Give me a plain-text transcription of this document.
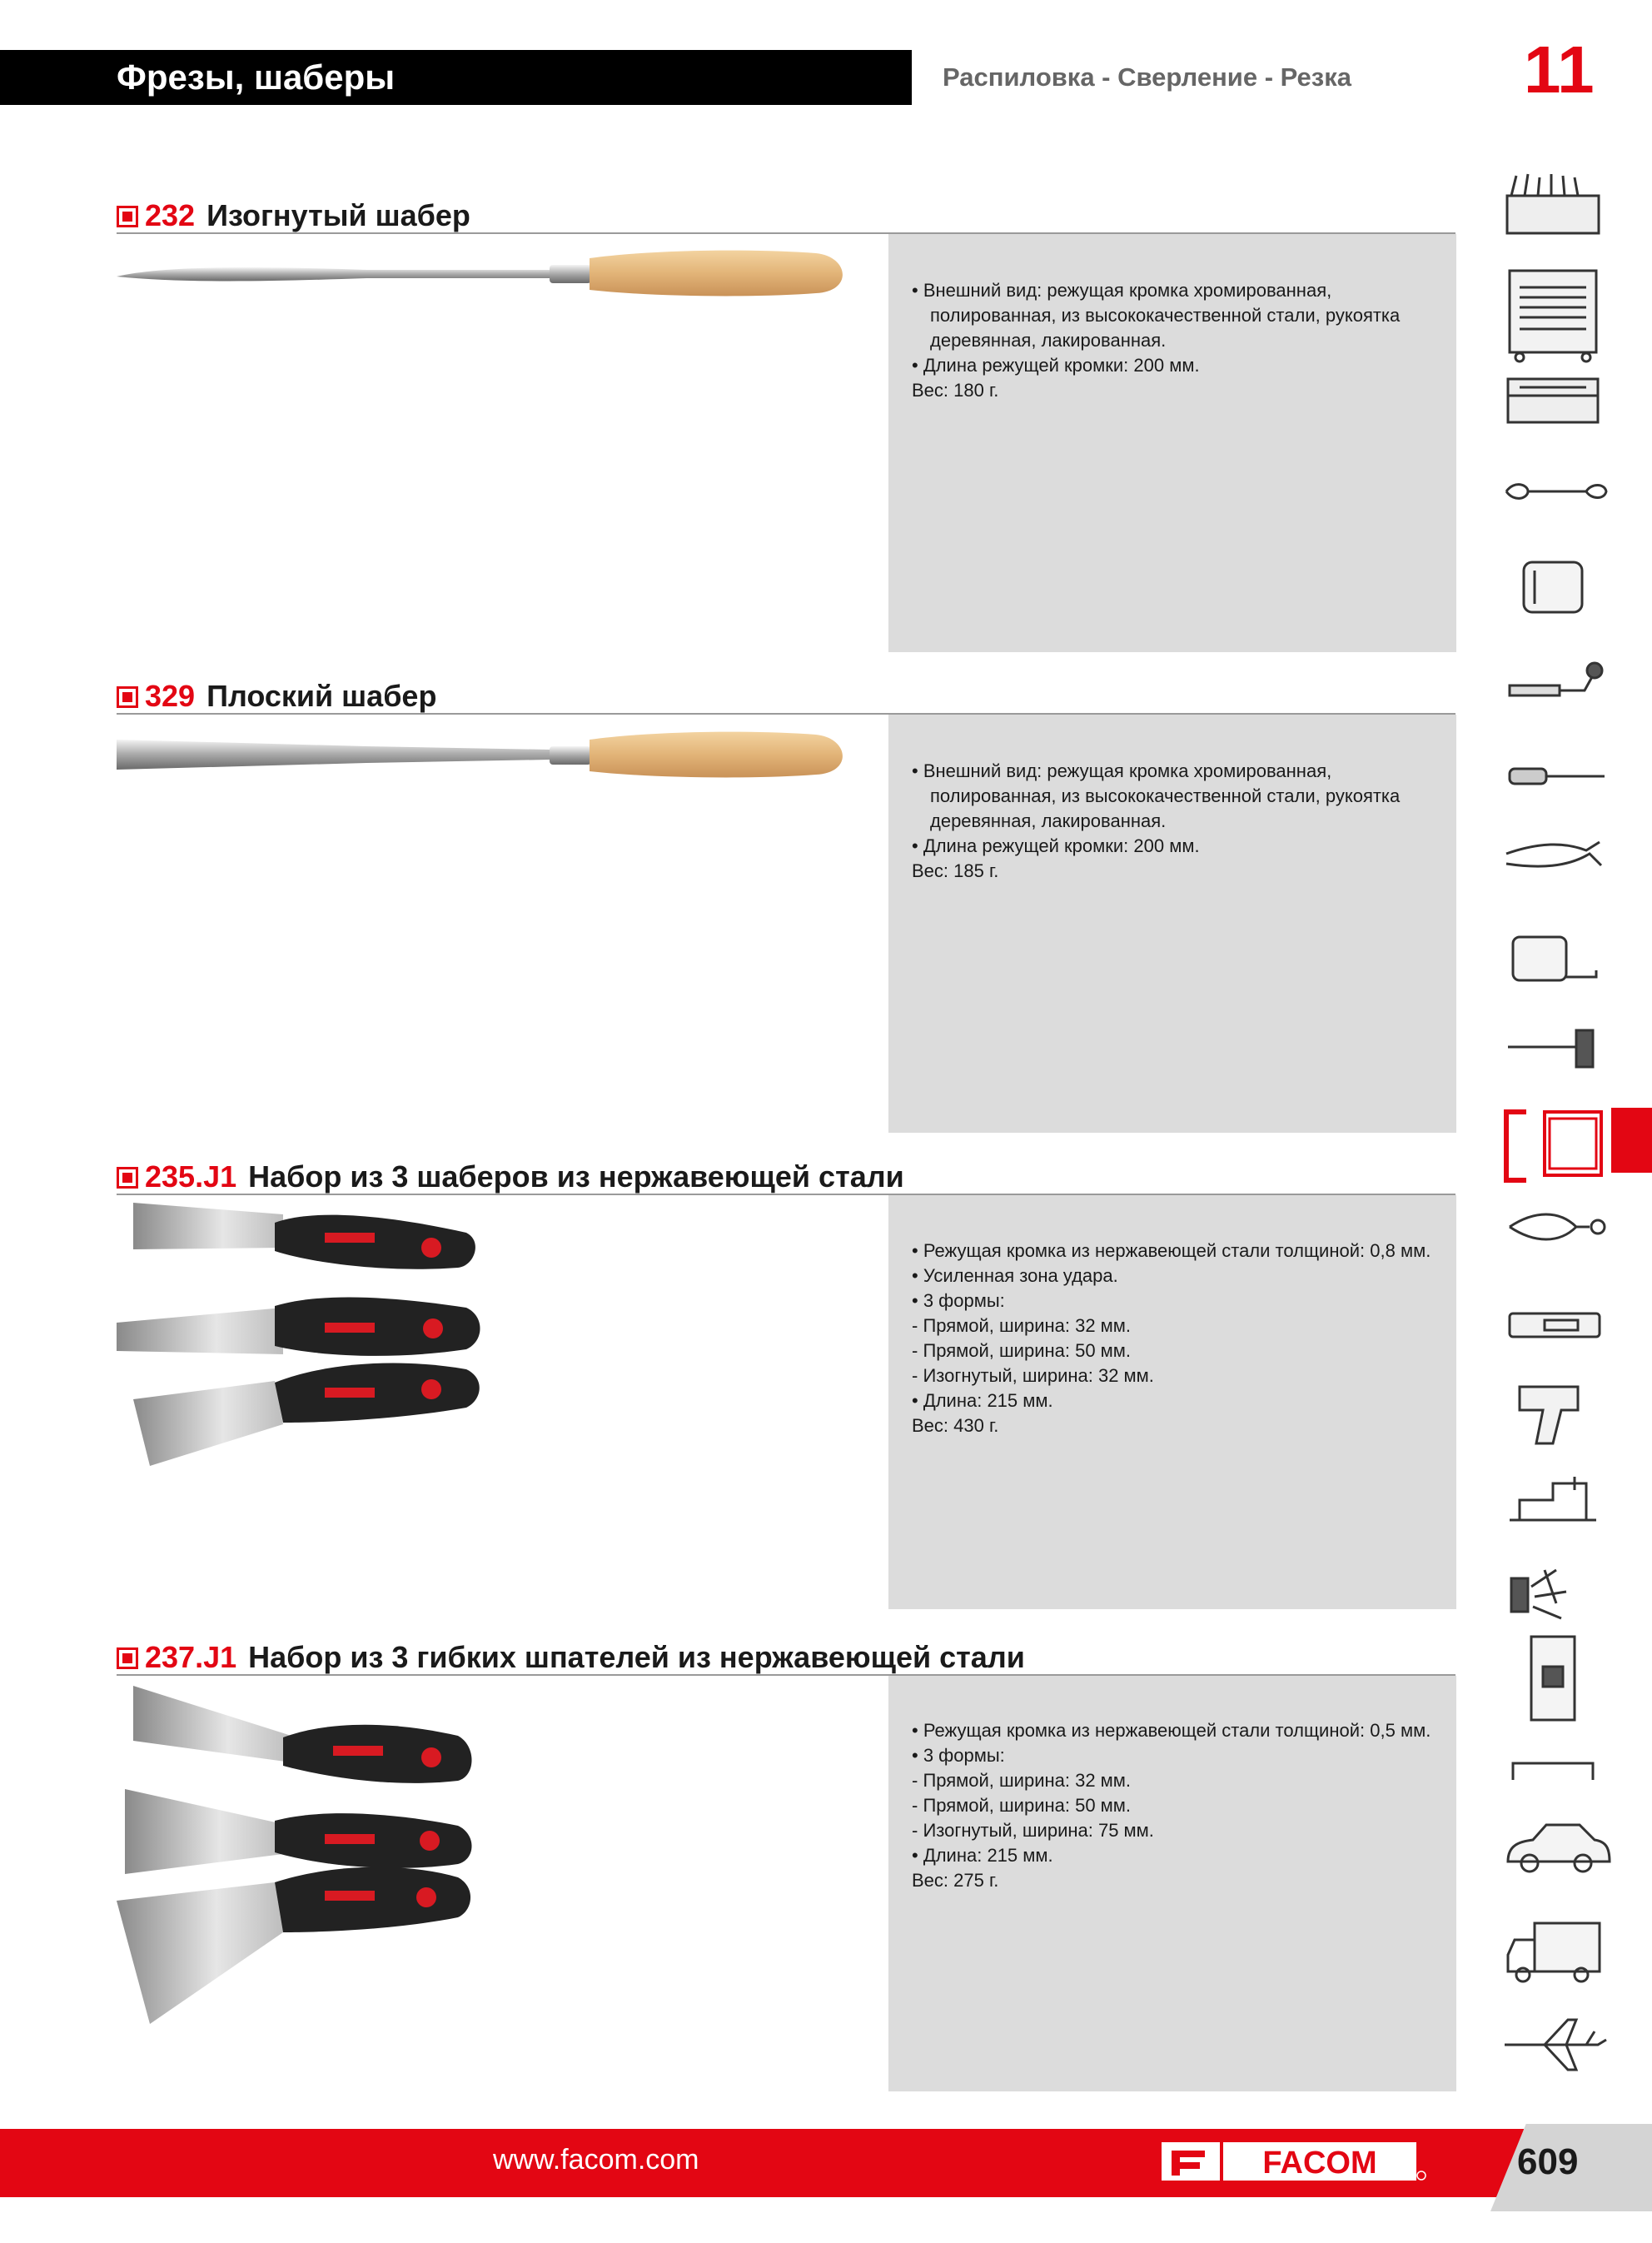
Фрезы, шаберы	Распиловка - Сверление - Резка	11
232 Изогнутый шабер
• Внешний вид: режущая кромка хромированная,
полированная, из высококачественной стали, рукоятка
деревянная, лакированная.
• Длина режущей кромки: 200 мм.
Вес: 180 г.
329 Плоский шабер
• Внешний вид: режущая кромка хромированная,
полированная, из высококачественной стали, рукоятка
деревянная, лакированная.
• Длина режущей кромки: 200 мм.
Вес: 185 г.
235.J1 Набор из 3 шаберов из нержавеющей стали
• Режущая кромка из нержавеющей стали толщиной: 0,8 мм.
• Усиленная зона удара.
• 3 формы:
- Прямой, ширина: 32 мм.
- Прямой, ширина: 50 мм.
- Изогнутый, ширина: 32 мм.
• Длина: 215 мм.
Вес: 430 г.
237.J1 Набор из 3 гибких шпателей из нержавеющей стали
• Режущая кромка из нержавеющей стали толщиной: 0,5 мм.
• 3 формы:
- Прямой, ширина: 32 мм.
- Прямой, ширина: 50 мм.
- Изогнутый, ширина: 75 мм.
• Длина: 215 мм.
Вес: 275 г.
www.facom.com	FACOM	609
